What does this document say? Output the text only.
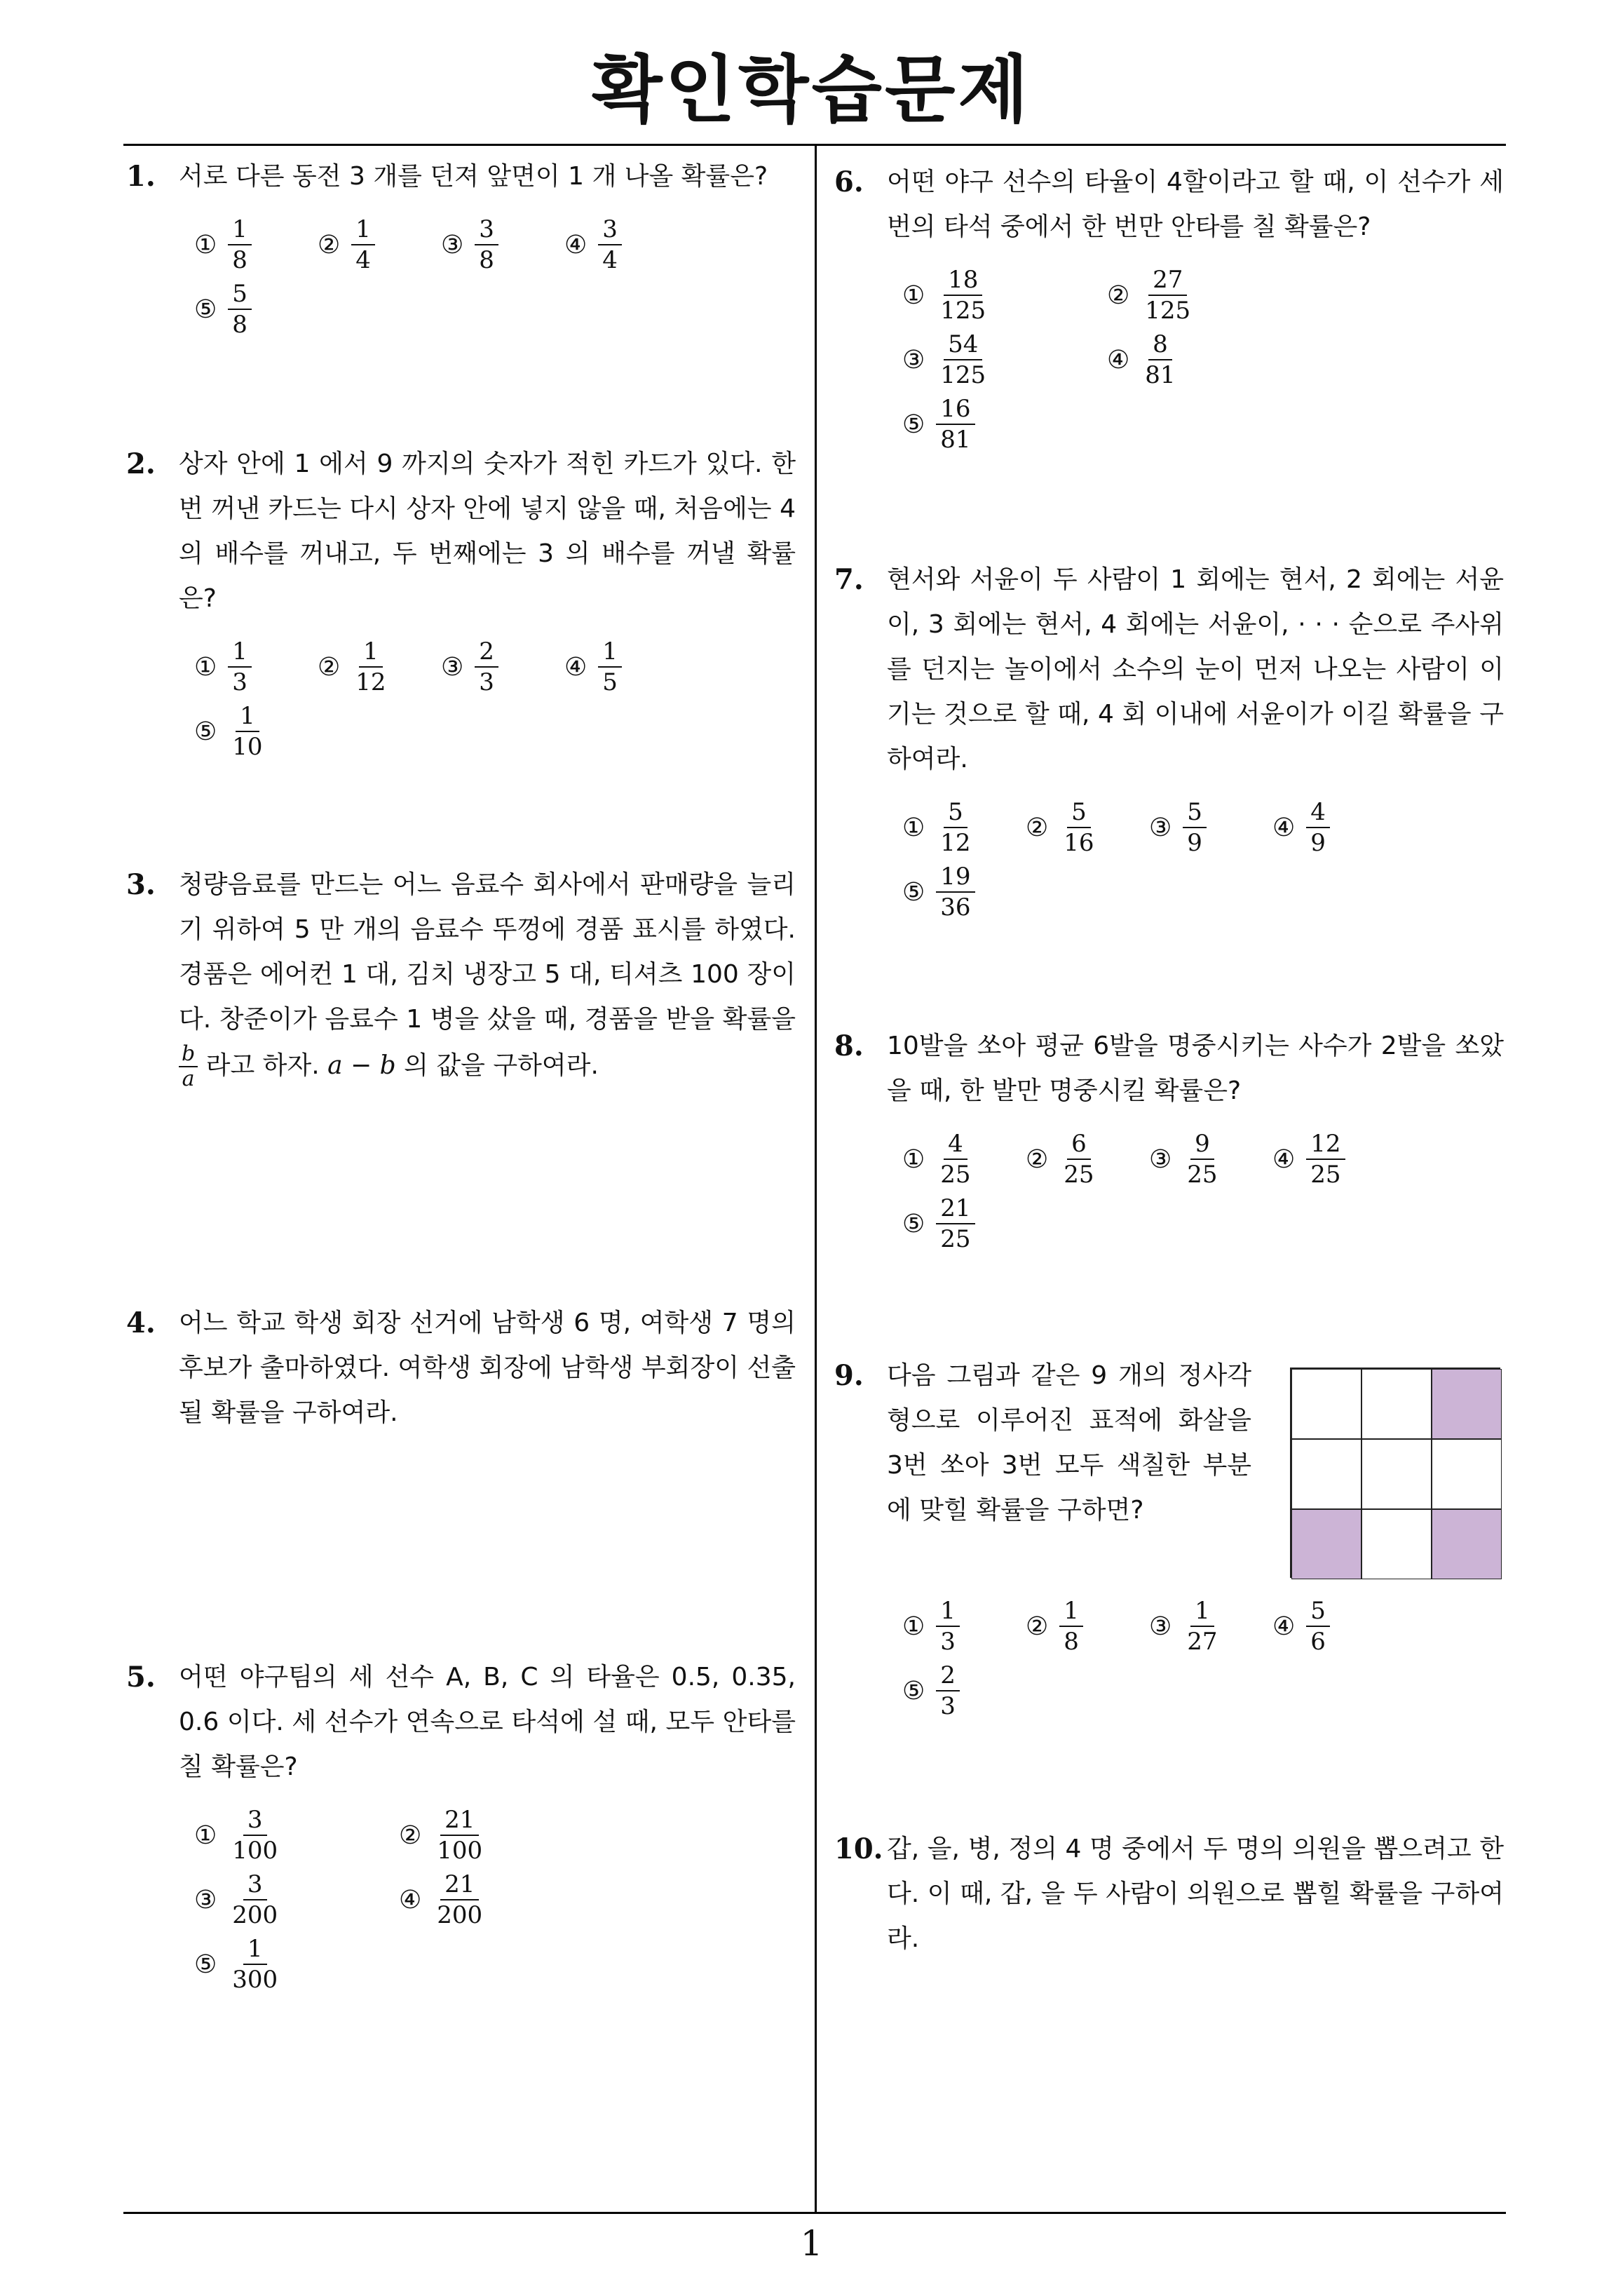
확인학습문제
1. 서로 다른 동전 3 개를 던져 앞면이 1 개 나올 확률은?
① $\frac{1}{8}$	② $\frac{1}{4}$	③ $\frac{3}{8}$	④ $\frac{3}{4}$
⑤ $\frac{5}{8}$
2. 상자 안에 1 에서 9 까지의 숫자가 적힌 카드가 있다. 한 번 꺼낸 카드는 다시 상자 안에 넣지 않을 때, 처음에는 4 의 배수를 꺼내고, 두 번째에는 3 의 배수를 꺼낼 확률은?
① $\frac{1}{3}$	② $\frac{1}{12}$ ③ $\frac{2}{3}$	④ $\frac{1}{5}$
⑤ $\frac{1}{10}$
3. 청량음료를 만드는 어느 음료수 회사에서 판매량을 늘리기 위하여 5 만 개의 음료수 뚜껑에 경품 표시를 하였다. 경품은 에어컨 1 대, 김치 냉장고 5 대, 티셔츠 100 장이다. 창준이가 음료수 1 병을 샀을 때, 경품을 받을 확률을
$\frac{b}{a}$ 라고 하자. a − b 의 값을 구하여라.
4. 어느 학교 학생 회장 선거에 남학생 6 명, 여학생 7 명의 후보가 출마하였다. 여학생 회장에 남학생 부회장이 선출될 확률을 구하여라.
5. 어떤 야구팀의 세 선수 A, B, C 의 타율은 0.5, 0.35, 0.6 이다. 세 선수가 연속으로 타석에 설 때, 모두 안타를 칠 확률은?
① $\frac{3}{100}$	② $\frac{21}{100}$
③ $\frac{3}{200}$	④ $\frac{21}{200}$
⑤ $\frac{1}{300}$
6. 어떤 야구 선수의 타율이 4할이라고 할 때, 이 선수가 세 번의 타석 중에서 한 번만 안타를 칠 확률은?
① $\frac{18}{125}$	② $\frac{27}{125}$
③ $\frac{54}{125}$	④ $\frac{8}{81}$
⑤ $\frac{16}{81}$
7. 현서와 서윤이 두 사람이 1 회에는 현서, 2 회에는 서윤이, 3 회에는 현서, 4 회에는 서윤이, · · · 순으로 주사위를 던지는 놀이에서 소수의 눈이 먼저 나오는 사람이 이기는 것으로 할 때, 4 회 이내에 서윤이가 이길 확률을 구하여라.
① $\frac{5}{12}$ ② $\frac{5}{16}$ ③ $\frac{5}{9}$	④ $\frac{4}{9}$
⑤ $\frac{19}{36}$
8. 10발을 쏘아 평균 6발을 명중시키는 사수가 2발을 쏘았을 때, 한 발만 명중시킬 확률은?
① $\frac{4}{25}$ ② $\frac{6}{25}$ ③ $\frac{9}{25}$ ④ $\frac{12}{25}$
⑤ $\frac{21}{25}$
9. 다음 그림과 같은 9 개의 정사각형으로 이루어진 표적에 화살을 3번 쏘아 3번 모두 색칠한 부분에 맞힐 확률을 구하면?
① $\frac{1}{3}$	② $\frac{1}{8}$	③ $\frac{1}{27}$ ④ $\frac{5}{6}$
⑤ $\frac{2}{3}$
10. 갑, 을, 병, 정의 4 명 중에서 두 명의 의원을 뽑으려고 한다. 이 때, 갑, 을 두 사람이 의원으로 뽑힐 확률을 구하여라.
1
